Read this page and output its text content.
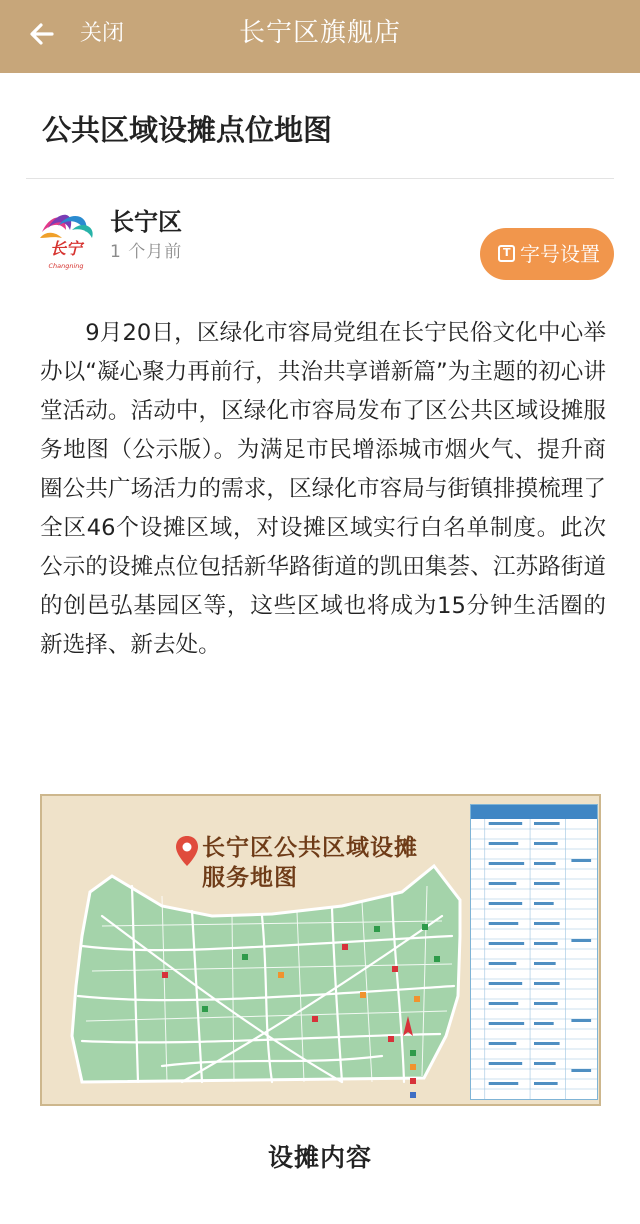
关闭	长宁区旗舰店
公共区域设摊点位地图
长宁
Changning
长宁区
1 个月前
T	字号设置

9月20日，区绿化市容局党组在长宁民俗文化中心举办以“凝心聚力再前行，共治共享谱新篇”为主题的初心讲堂活动。活动中，区绿化市容局发布了区公共区域设摊服务地图（公示版）。为满足市民增添城市烟火气、提升商圈公共广场活力的需求，区绿化市容局与街镇排摸梳理了全区46个设摊区域，对设摊区域实行白名单制度。此次公示的设摊点位包括新华路街道的凯田集荟、江苏路街道的创邑弘基园区等，这些区域也将成为15分钟生活圈的新选择、新去处。

长宁区公共区域设摊
服务地图
设摊内容
